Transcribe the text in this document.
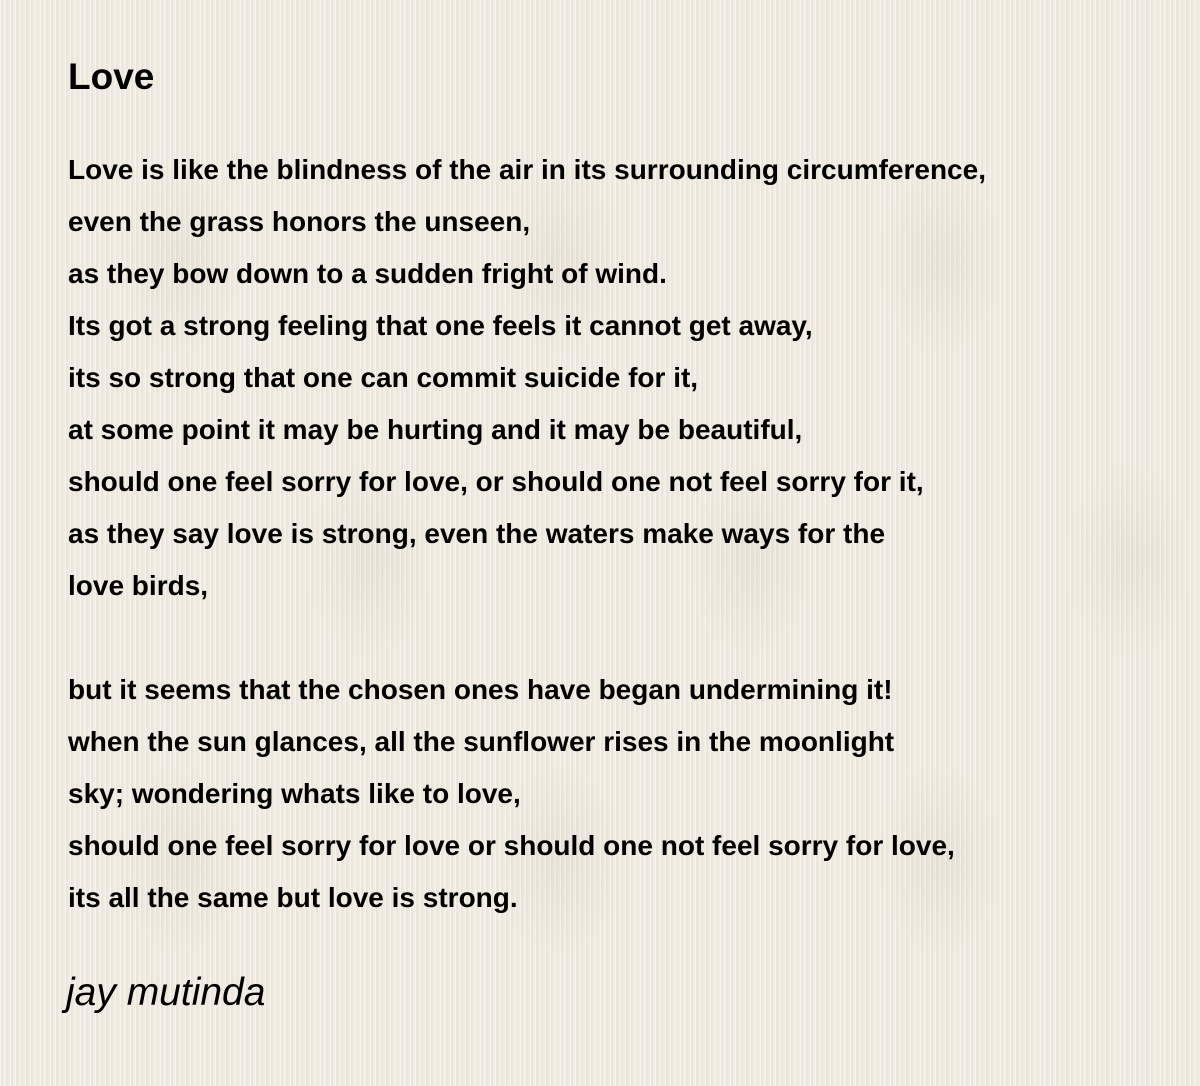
Love
Love is like the blindness of the air in its surrounding circumference,
even the grass honors the unseen,
as they bow down to a sudden fright of wind.
Its got a strong feeling that one feels it cannot get away,
its so strong that one can commit suicide for it,
at some point it may be hurting and it may be beautiful,
should one feel sorry for love, or should one not feel sorry for it,
as they say love is strong, even the waters make ways for the
love birds,
but it seems that the chosen ones have began undermining it!
when the sun glances, all the sunflower rises in the moonlight
sky; wondering whats like to love,
should one feel sorry for love or should one not feel sorry for love,
its all the same but love is strong.
jay mutinda
